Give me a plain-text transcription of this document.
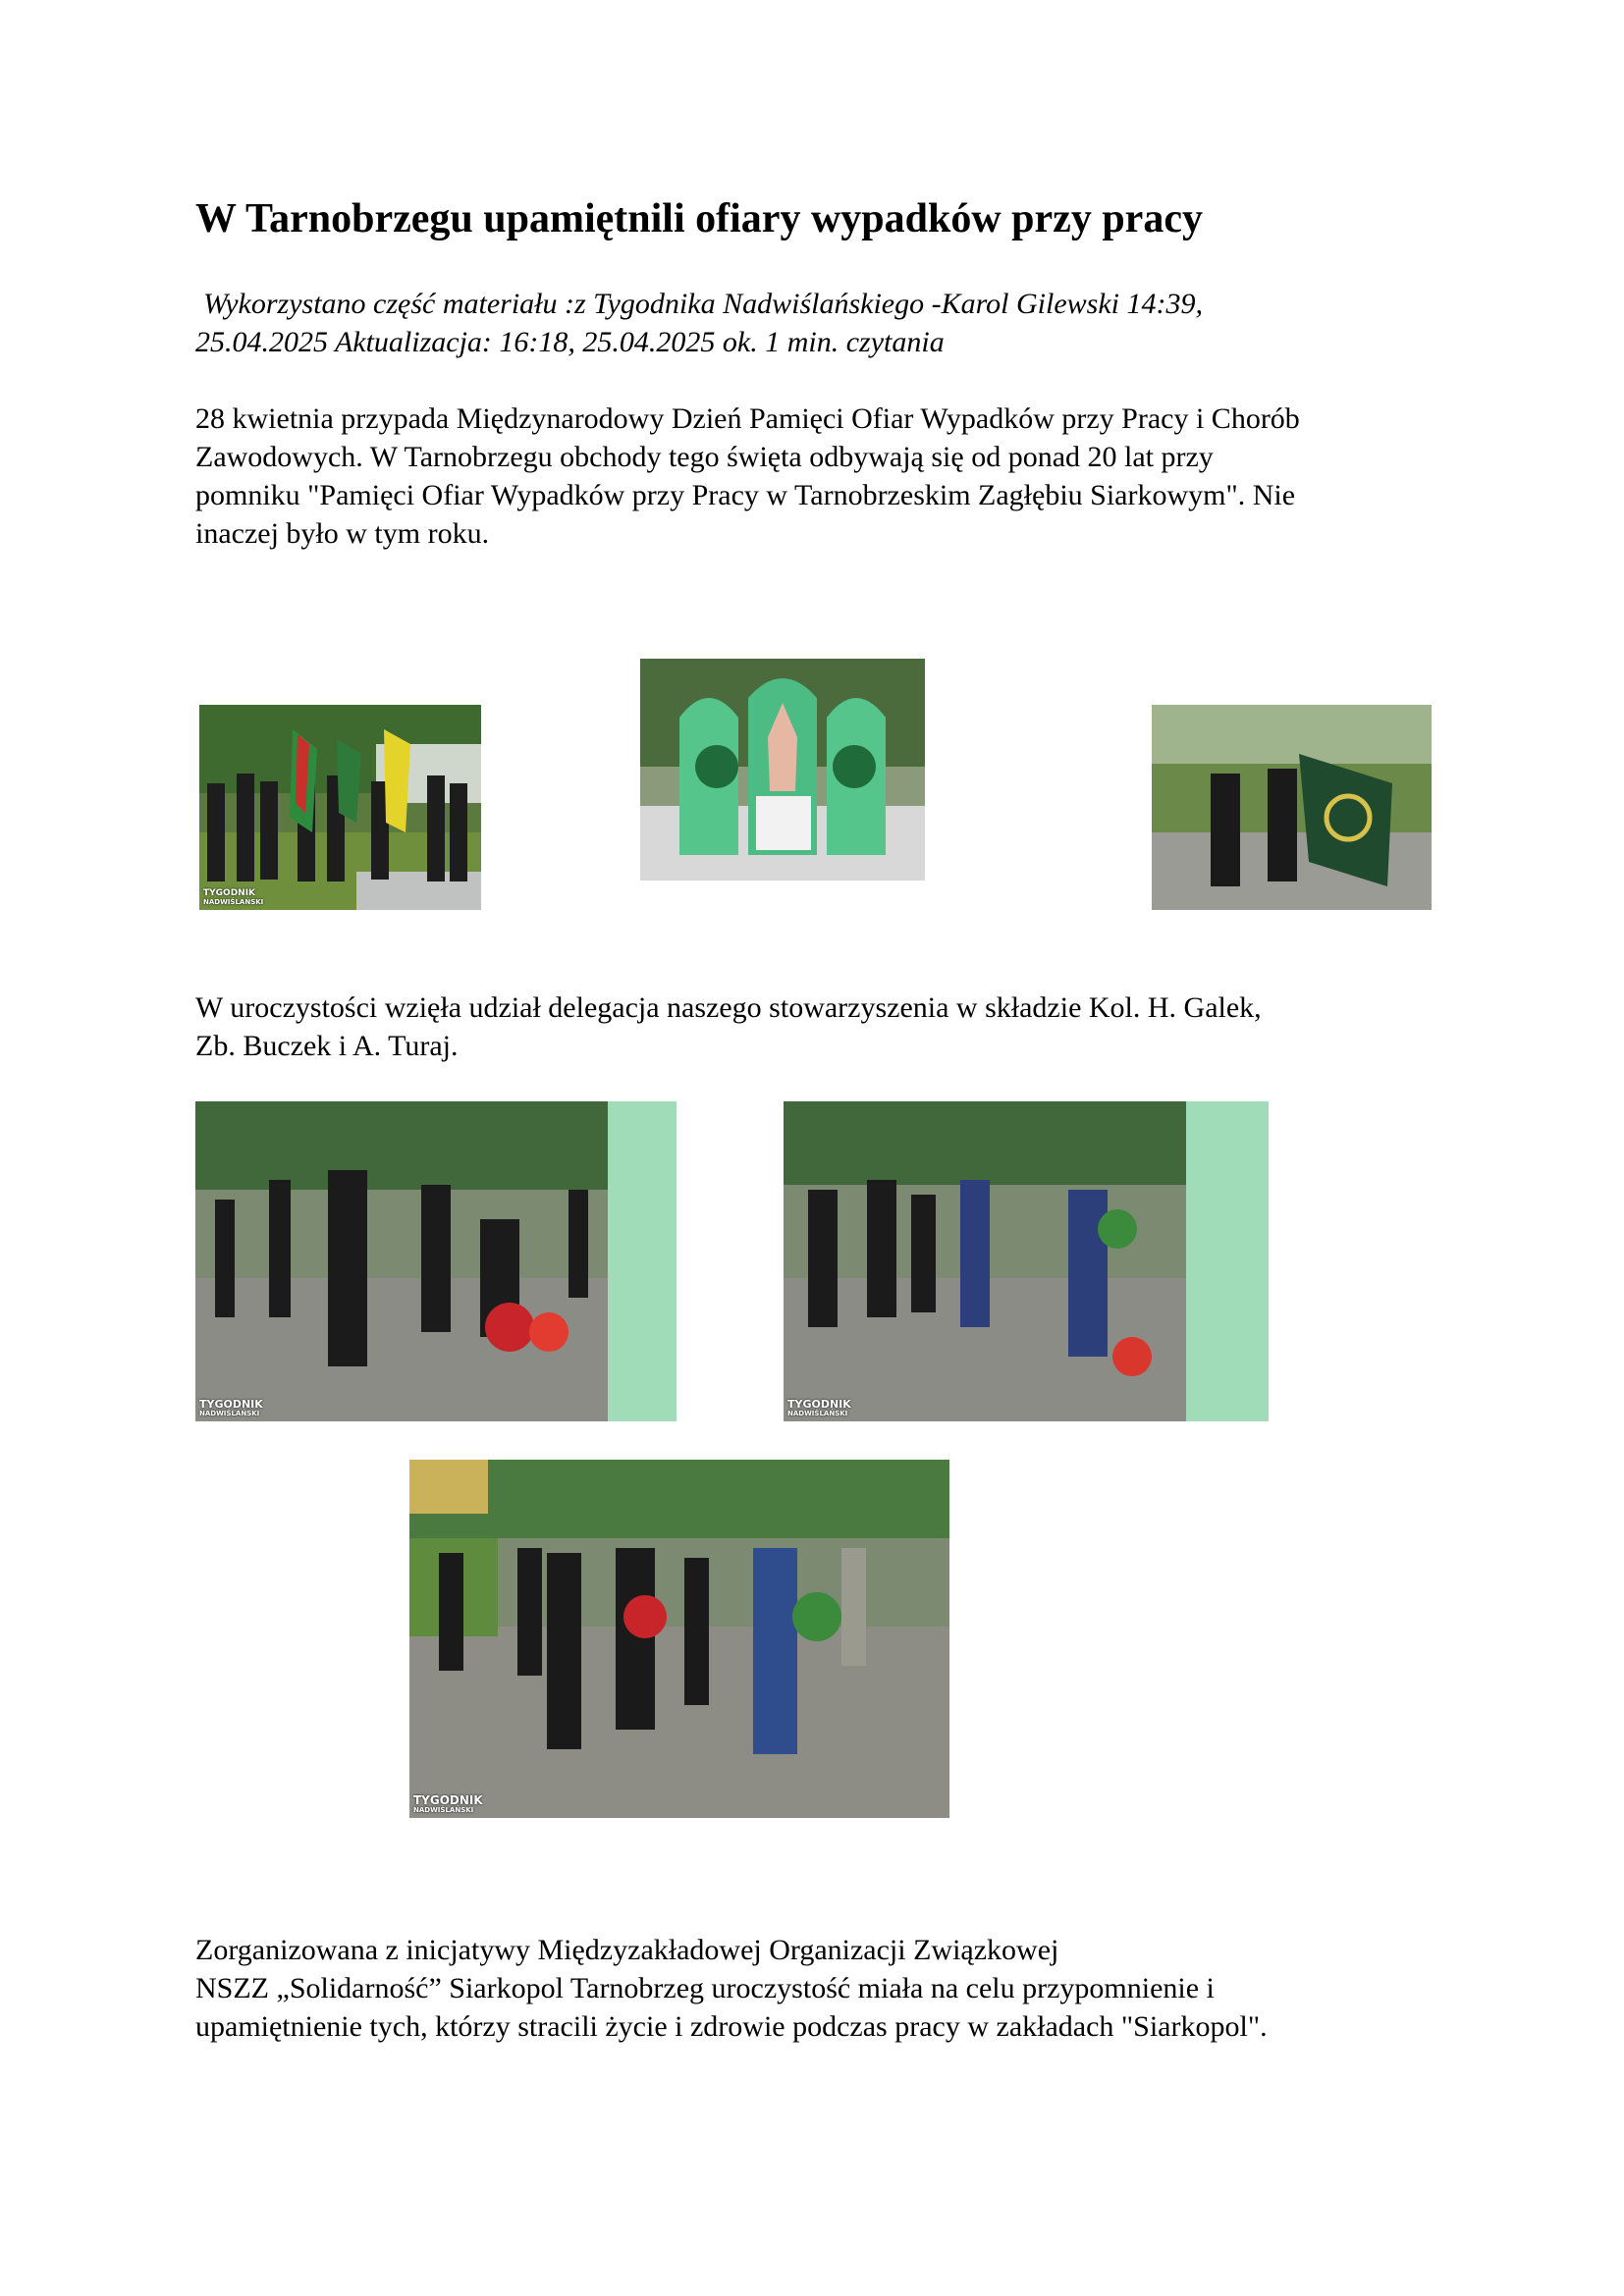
W Tarnobrzegu upamiętnili ofiary wypadków przy pracy

Wykorzystano część materiału :z Tygodnika Nadwiślańskiego -Karol Gilewski 14:39,
25.04.2025 Aktualizacja: 16:18, 25.04.2025 ok. 1 min. czytania

28 kwietnia przypada Międzynarodowy Dzień Pamięci Ofiar Wypadków przy Pracy i Chorób
Zawodowych. W Tarnobrzegu obchody tego święta odbywają się od ponad 20 lat przy
pomniku "Pamięci Ofiar Wypadków przy Pracy w Tarnobrzeskim Zagłębiu Siarkowym". Nie
inaczej było w tym roku.

TYGODNIK
NADWIŚLAŃSKI

W uroczystości wzięła udział delegacja naszego stowarzyszenia w składzie Kol. H. Galek,
Zb. Buczek i A. Turaj.

TYGODNIK
NADWIŚLAŃSKI
TYGODNIK
NADWIŚLAŃSKI
TYGODNIK
NADWIŚLAŃSKI

Zorganizowana z inicjatywy Międzyzakładowej Organizacji Związkowej
NSZZ „Solidarność” Siarkopol Tarnobrzeg uroczystość miała na celu przypomnienie i
upamiętnienie tych, którzy stracili życie i zdrowie podczas pracy w zakładach "Siarkopol".
